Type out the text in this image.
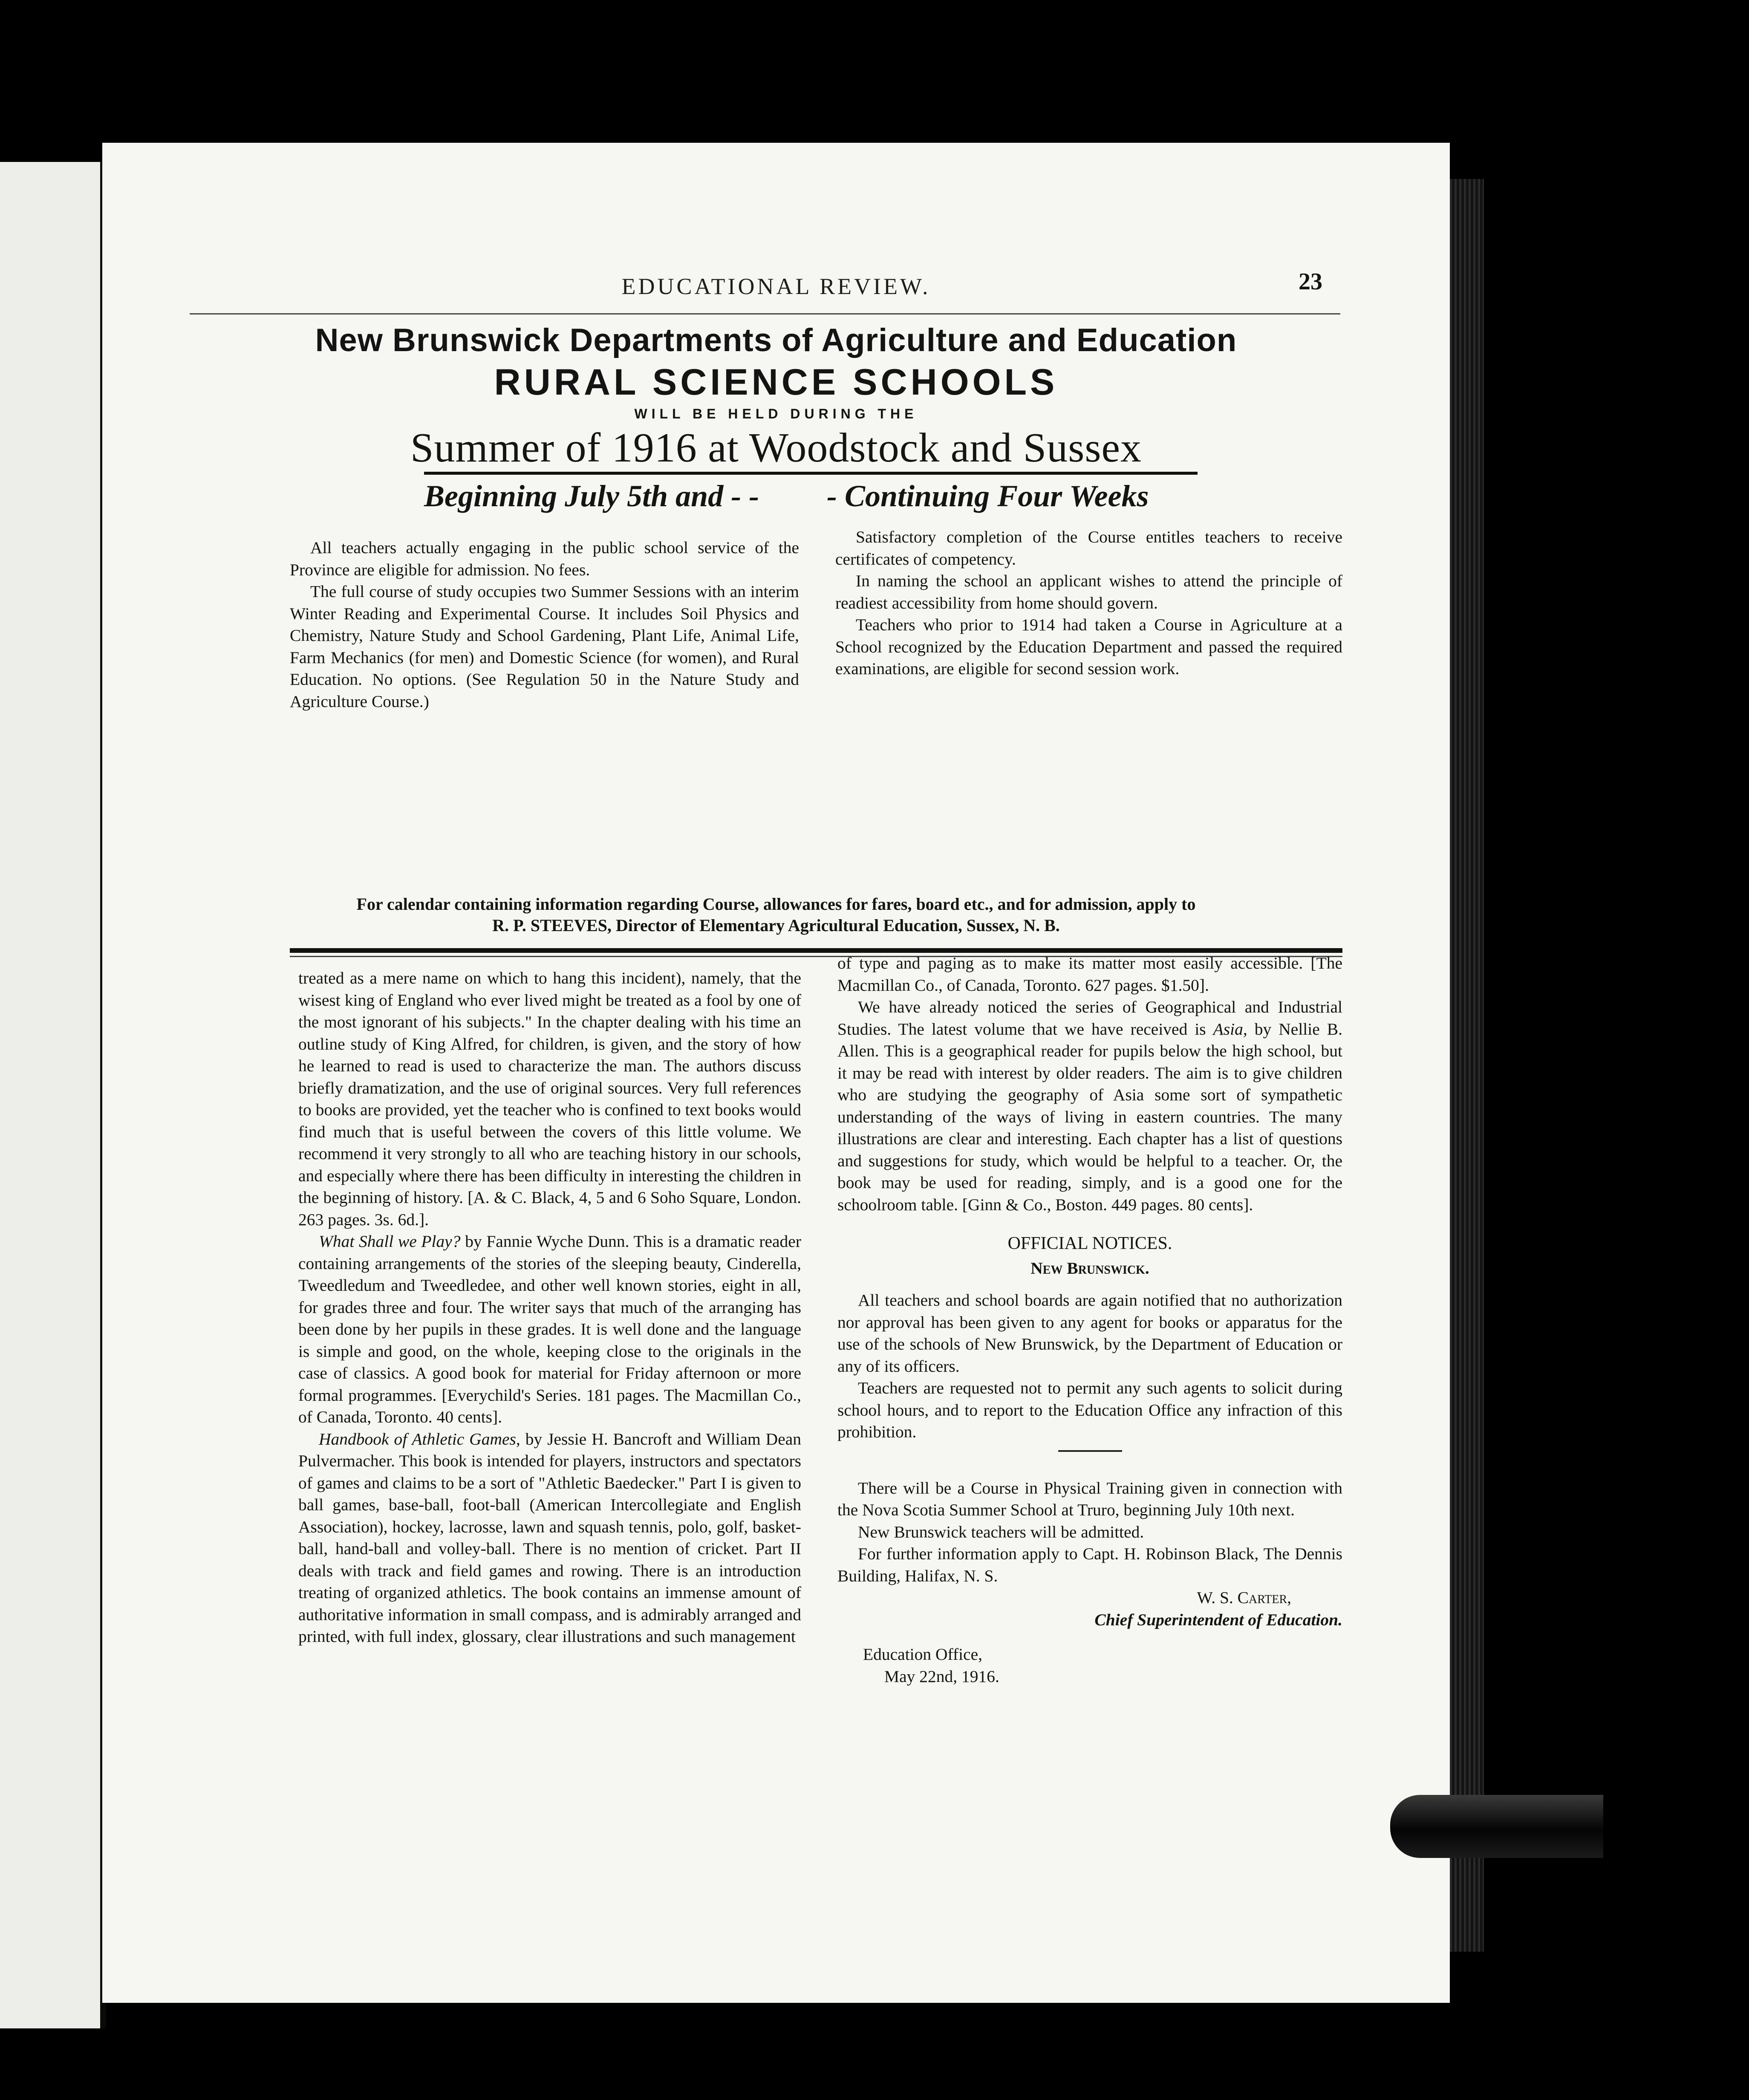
EDUCATIONAL REVIEW.	23
New Brunswick Departments of Agriculture and Education
RURAL SCIENCE SCHOOLS
WILL BE HELD DURING THE
Summer of 1916 at Woodstock and Sussex
Beginning July 5th and - - - Continuing Four Weeks

All teachers actually engaging in the public school service of the Province are eligible for admission. No fees.

The full course of study occupies two Summer Sessions with an interim Winter Reading and Experimental Course. It includes Soil Physics and Chemistry, Nature Study and School Gardening, Plant Life, Animal Life, Farm Mechanics (for men) and Domestic Science (for women), and Rural Education. No options. (See Regulation 50 in the Nature Study and Agriculture Course.)

Satisfactory completion of the Course entitles teachers to receive certificates of competency.

In naming the school an applicant wishes to attend the principle of readiest accessibility from home should govern.

Teachers who prior to 1914 had taken a Course in Agriculture at a School recognized by the Education Department and passed the required examinations, are eligible for second session work.

For calendar containing information regarding Course, allowances for fares, board etc., and for admission, apply to
R. P. STEEVES, Director of Elementary Agricultural Education, Sussex, N. B.

treated as a mere name on which to hang this incident), namely, that the wisest king of England who ever lived might be treated as a fool by one of the most ignorant of his subjects." In the chapter dealing with his time an outline study of King Alfred, for children, is given, and the story of how he learned to read is used to characterize the man. The authors discuss briefly dramatization, and the use of original sources. Very full references to books are provided, yet the teacher who is confined to text books would find much that is useful between the covers of this little volume. We recommend it very strongly to all who are teaching history in our schools, and especially where there has been difficulty in interesting the children in the beginning of history. [A. & C. Black, 4, 5 and 6 Soho Square, London. 263 pages. 3s. 6d.].

What Shall we Play? by Fannie Wyche Dunn. This is a dramatic reader containing arrangements of the stories of the sleeping beauty, Cinderella, Tweedledum and Tweedledee, and other well known stories, eight in all, for grades three and four. The writer says that much of the arranging has been done by her pupils in these grades. It is well done and the language is simple and good, on the whole, keeping close to the originals in the case of classics. A good book for material for Friday afternoon or more formal programmes. [Everychild's Series. 181 pages. The Macmillan Co., of Canada, Toronto. 40 cents].

Handbook of Athletic Games, by Jessie H. Bancroft and William Dean Pulvermacher. This book is intended for players, instructors and spectators of games and claims to be a sort of "Athletic Baedecker." Part I is given to ball games, base-ball, foot-ball (American Intercollegiate and English Association), hockey, lacrosse, lawn and squash tennis, polo, golf, basket-ball, hand-ball and volley-ball. There is no mention of cricket. Part II deals with track and field games and rowing. There is an introduction treating of organized athletics. The book contains an immense amount of authoritative information in small compass, and is admirably arranged and printed, with full index, glossary, clear illustrations and such management

of type and paging as to make its matter most easily accessible. [The Macmillan Co., of Canada, Toronto. 627 pages. $1.50].

We have already noticed the series of Geographical and Industrial Studies. The latest volume that we have received is Asia, by Nellie B. Allen. This is a geographical reader for pupils below the high school, but it may be read with interest by older readers. The aim is to give children who are studying the geography of Asia some sort of sympathetic understanding of the ways of living in eastern countries. The many illustrations are clear and interesting. Each chapter has a list of questions and suggestions for study, which would be helpful to a teacher. Or, the book may be used for reading, simply, and is a good one for the schoolroom table. [Ginn & Co., Boston. 449 pages. 80 cents].

OFFICIAL NOTICES.

New Brunswick.

All teachers and school boards are again notified that no authorization nor approval has been given to any agent for books or apparatus for the use of the schools of New Brunswick, by the Department of Education or any of its officers.

Teachers are requested not to permit any such agents to solicit during school hours, and to report to the Education Office any infraction of this prohibition.

There will be a Course in Physical Training given in connection with the Nova Scotia Summer School at Truro, beginning July 10th next.

New Brunswick teachers will be admitted.

For further information apply to Capt. H. Robinson Black, The Dennis Building, Halifax, N. S.

W. S. Carter,

Chief Superintendent of Education.

Education Office,

May 22nd, 1916.
